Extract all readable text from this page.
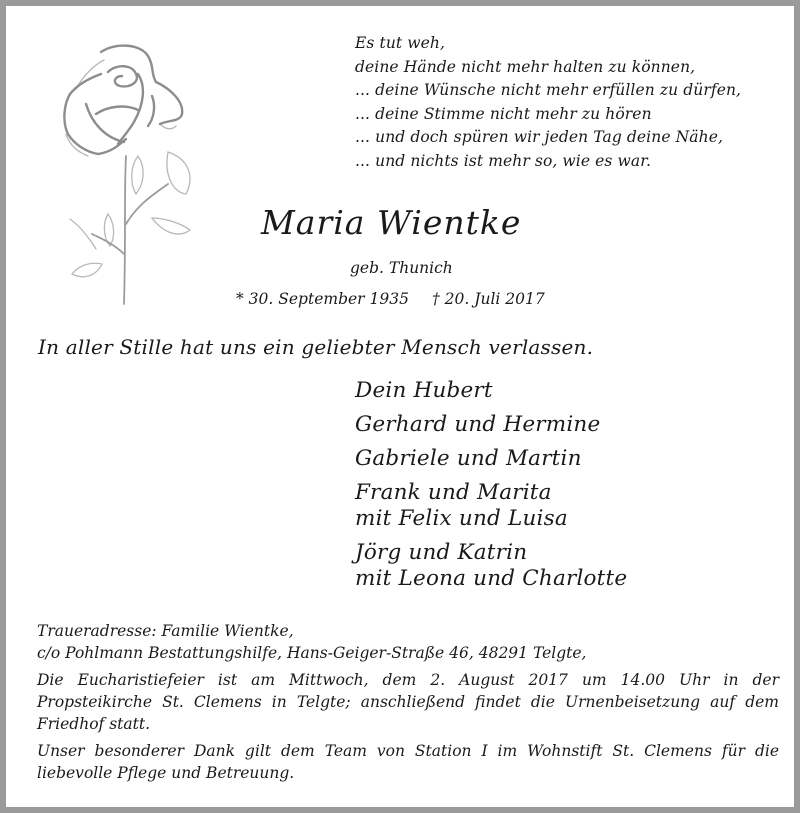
Es tut weh,
deine Hände nicht mehr halten zu können,
... deine Wünsche nicht mehr erfüllen zu dürfen,
... deine Stimme nicht mehr zu hören
... und doch spüren wir jeden Tag deine Nähe,
... und nichts ist mehr so, wie es war.
Maria Wientke
geb. Thunich
* 30. September 1935 † 20. Juli 2017
In aller Stille hat uns ein geliebter Mensch verlassen.
Dein Hubert
Gerhard und Hermine
Gabriele und Martin
Frank und Marita
mit Felix und Luisa
Jörg und Katrin
mit Leona und Charlotte

Traueradresse: Familie Wientke,
c/o Pohlmann Bestattungshilfe, Hans-Geiger-Straße 46, 48291 Telgte,

Die Eucharistiefeier ist am Mittwoch, dem 2. August 2017 um 14.00 Uhr in der Propsteikirche St. Clemens in Telgte; anschließend findet die Urnenbeisetzung auf dem Friedhof statt.

Unser besonderer Dank gilt dem Team von Station I im Wohnstift St. Clemens für die liebevolle Pflege und Betreuung.
